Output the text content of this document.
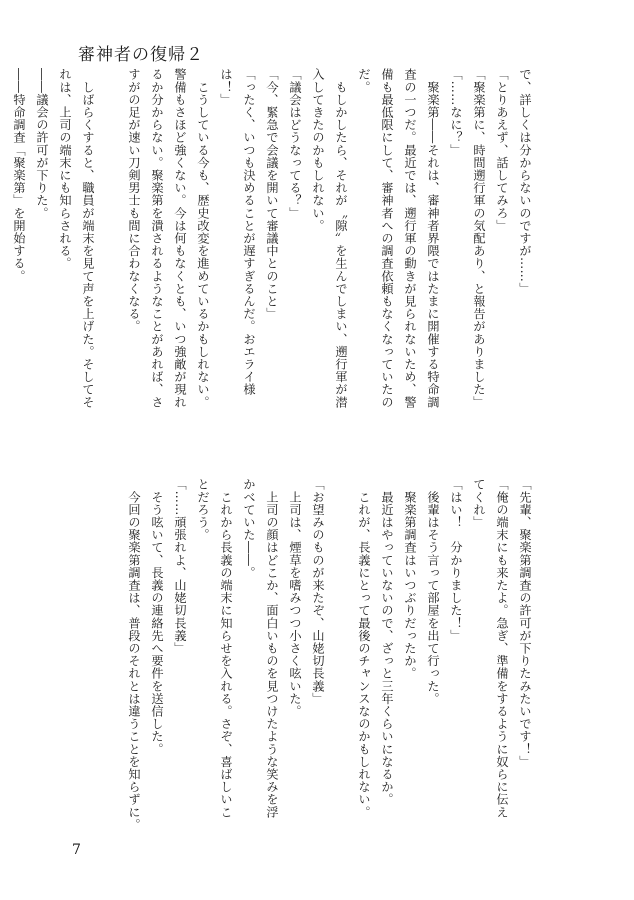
審神者の復帰２
で、詳しくは分からないのですが……」
「とりあえず、話してみろ」
「聚楽第に、時間遡行軍の気配あり、と報告がありました」
「……なに？」
　聚楽第――それは、審神者界隈ではたまに開催する特命調
査の一つだ。最近では、遡行軍の動きが見られないため、警
備も最低限にして、審神者への調査依頼もなくなっていたの
だ。
　もしかしたら、それが〝隙〟を生んでしまい、遡行軍が潜
入してきたのかもしれない。
「議会はどうなってる？」
「今、緊急で会議を開いて審議中とのこと」
「ったく、いつも決めることが遅すぎるんだ。おエライ様
は！」
　こうしている今も、歴史改変を進めているかもしれない。
警備もさほど強くない。今は何もなくとも、いつ強敵が現れ
るか分からない。聚楽第を潰されるようなことがあれば、さ
すがの足が速い刀剣男士も間に合わなくなる。

　しばらくすると、職員が端末を見て声を上げた。そしてそ
れは、上司の端末にも知らされる。
――議会の許可が下りた。
――特命調査「聚楽第」を開始する。
「先輩、聚楽第調査の許可が下りたみたいです！」
「俺の端末にも来たよ。急ぎ、準備をするように奴らに伝え
てくれ」
「はい！　分かりました！」
　後輩はそう言って部屋を出て行った。
　聚楽第調査はいつぶりだったか。
　最近はやっていないので、ざっと三年くらいになるか。
　これが、長義にとって最後のチャンスなのかもしれない。

「お望みのものが来たぞ、山姥切長義」
　上司は、煙草を嗜みつつ小さく呟いた。
　上司の顔はどこか、面白いものを見つけたような笑みを浮
かべていた――。
　これから長義の端末に知らせを入れる。さぞ、喜ばしいこ
とだろう。
「……頑張れよ、山姥切長義」
　そう呟いて、長義の連絡先へ要件を送信した。
　今回の聚楽第調査は、普段のそれとは違うことを知らずに。
7
